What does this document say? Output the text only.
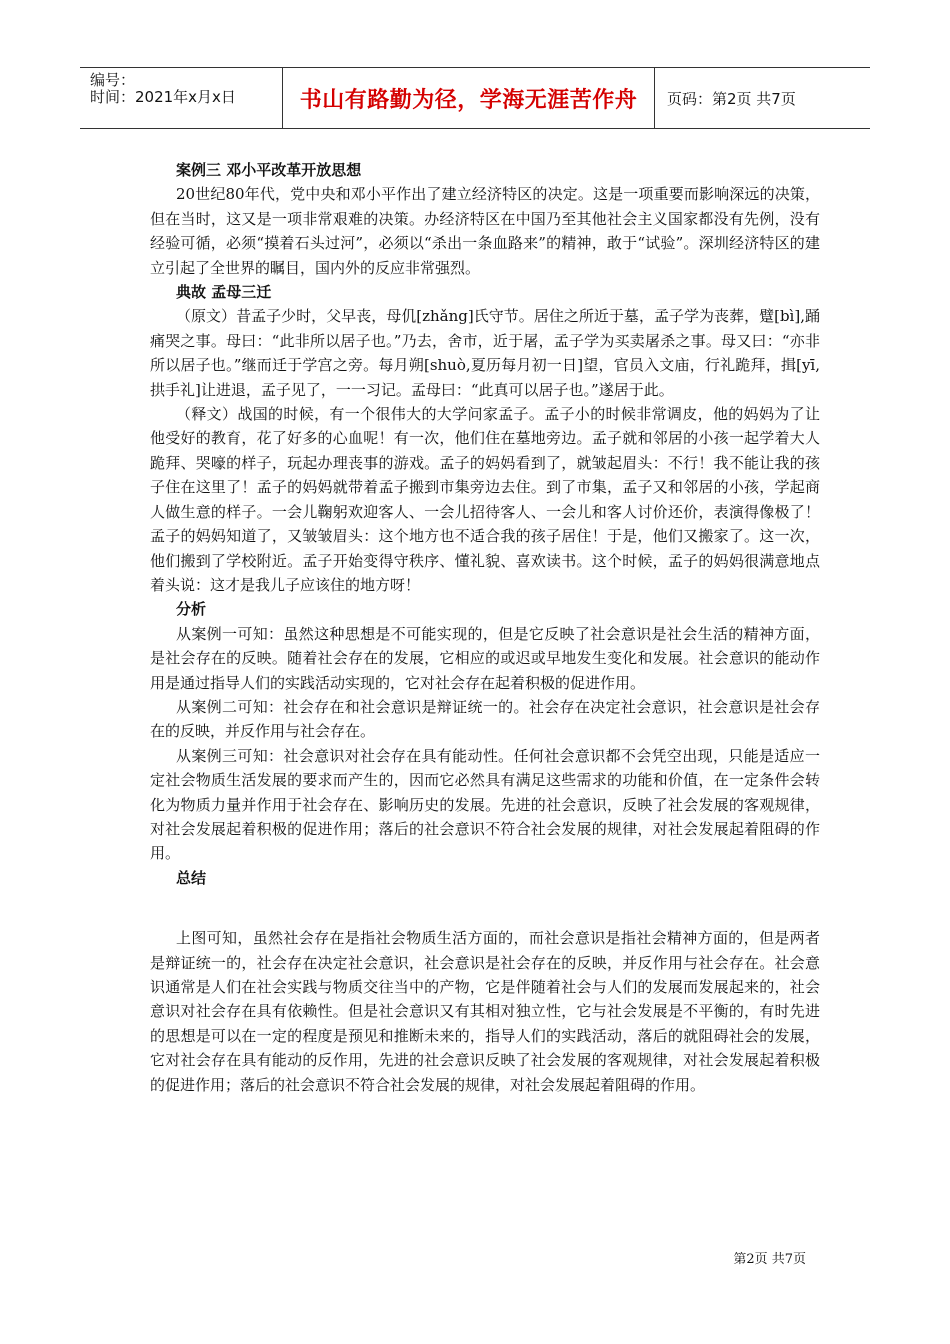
编号：
时间：2021年x月x日	书山有路勤为径，学海无涯苦作舟	页码：第2页 共7页
案例三 邓小平改革开放思想

20世纪80年代，党中央和邓小平作出了建立经济特区的决定。这是一项重要而影响深远的决策，但在当时，这又是一项非常艰难的决策。办经济特区在中国乃至其他社会主义国家都没有先例，没有经验可循，必须“摸着石头过河”，必须以“杀出一条血路来”的精神，敢于“试验”。深圳经济特区的建立引起了全世界的瞩目，国内外的反应非常强烈。

典故 孟母三迁

（原文）昔孟子少时，父早丧，母仉[zhǎng]氏守节。居住之所近于墓，孟子学为丧葬，躄[bì],踊痛哭之事。母曰：“此非所以居子也。”乃去，舍市，近于屠，孟子学为买卖屠杀之事。母又曰：“亦非所以居子也。”继而迁于学宫之旁。每月朔[shuò,夏历每月初一日]望，官员入文庙，行礼跪拜，揖[yī,拱手礼]让进退，孟子见了，一一习记。孟母曰：“此真可以居子也。”遂居于此。

（释文）战国的时候，有一个很伟大的大学问家孟子。孟子小的时候非常调皮，他的妈妈为了让他受好的教育，花了好多的心血呢！有一次，他们住在墓地旁边。孟子就和邻居的小孩一起学着大人跪拜、哭嚎的样子，玩起办理丧事的游戏。孟子的妈妈看到了，就皱起眉头：不行！我不能让我的孩子住在这里了！孟子的妈妈就带着孟子搬到市集旁边去住。到了市集，孟子又和邻居的小孩，学起商人做生意的样子。一会儿鞠躬欢迎客人、一会儿招待客人、一会儿和客人讨价还价，表演得像极了！孟子的妈妈知道了，又皱皱眉头：这个地方也不适合我的孩子居住！于是，他们又搬家了。这一次，他们搬到了学校附近。孟子开始变得守秩序、懂礼貌、喜欢读书。这个时候，孟子的妈妈很满意地点着头说：这才是我儿子应该住的地方呀！

分析

从案例一可知：虽然这种思想是不可能实现的，但是它反映了社会意识是社会生活的精神方面，是社会存在的反映。随着社会存在的发展，它相应的或迟或早地发生变化和发展。社会意识的能动作用是通过指导人们的实践活动实现的，它对社会存在起着积极的促进作用。

从案例二可知：社会存在和社会意识是辩证统一的。社会存在决定社会意识，社会意识是社会存在的反映，并反作用与社会存在。

从案例三可知：社会意识对社会存在具有能动性。任何社会意识都不会凭空出现，只能是适应一定社会物质生活发展的要求而产生的，因而它必然具有满足这些需求的功能和价值，在一定条件会转化为物质力量并作用于社会存在、影响历史的发展。先进的社会意识，反映了社会发展的客观规律，对社会发展起着积极的促进作用；落后的社会意识不符合社会发展的规律，对社会发展起着阻碍的作用。

总结

上图可知，虽然社会存在是指社会物质生活方面的，而社会意识是指社会精神方面的，但是两者是辩证统一的，社会存在决定社会意识，社会意识是社会存在的反映，并反作用与社会存在。社会意识通常是人们在社会实践与物质交往当中的产物，它是伴随着社会与人们的发展而发展起来的，社会意识对社会存在具有依赖性。但是社会意识又有其相对独立性，它与社会发展是不平衡的，有时先进的思想是可以在一定的程度是预见和推断未来的，指导人们的实践活动，落后的就阻碍社会的发展，它对社会存在具有能动的反作用，先进的社会意识反映了社会发展的客观规律，对社会发展起着积极的促进作用；落后的社会意识不符合社会发展的规律，对社会发展起着阻碍的作用。

第2页 共7页
